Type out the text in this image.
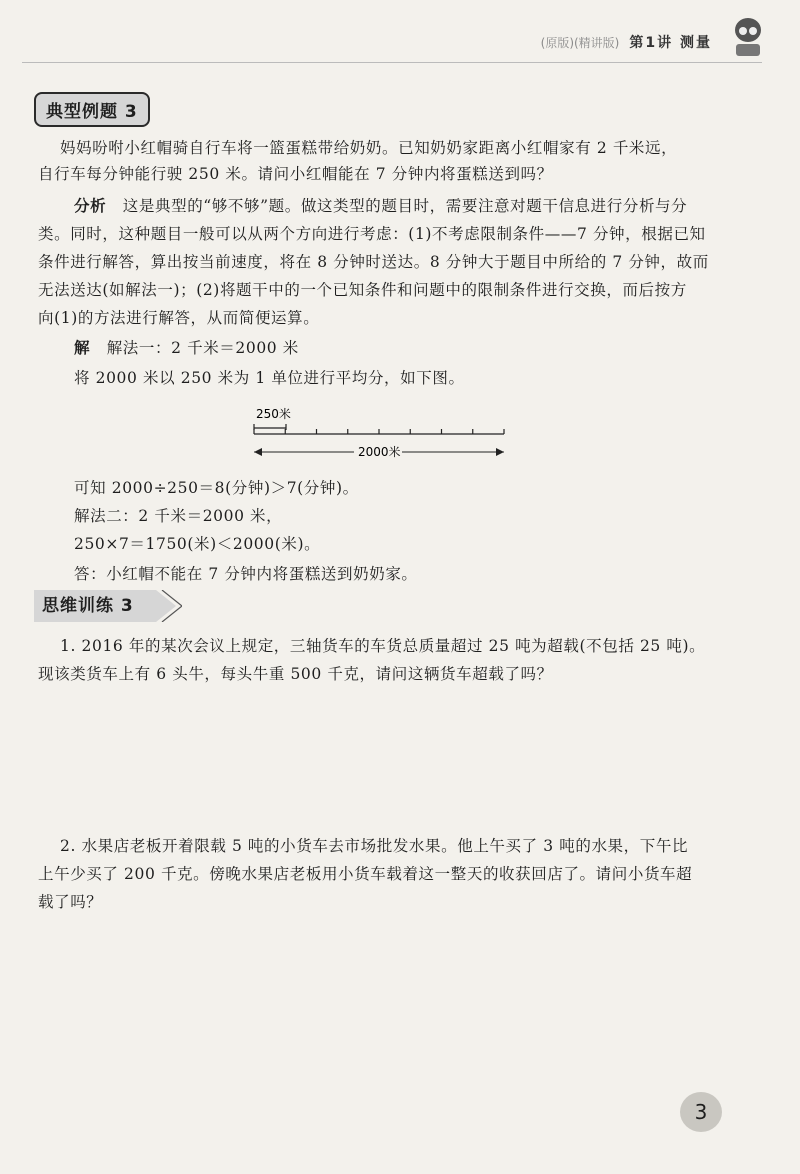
(原版)(精讲版) 第1讲 测量
典型例题 3

妈妈吩咐小红帽骑自行车将一篮蛋糕带给奶奶。已知奶奶家距离小红帽家有 2 千米远，

自行车每分钟能行驶 250 米。请问小红帽能在 7 分钟内将蛋糕送到吗？

分析 这是典型的“够不够”题。做这类型的题目时，需要注意对题干信息进行分析与分

类。同时，这种题目一般可以从两个方向进行考虑：(1)不考虑限制条件——7 分钟，根据已知

条件进行解答，算出按当前速度，将在 8 分钟时送达。8 分钟大于题目中所给的 7 分钟，故而

无法送达(如解法一)；(2)将题干中的一个已知条件和问题中的限制条件进行交换，而后按方

向(1)的方法进行解答，从而简便运算。

解 解法一：2 千米＝2000 米

将 2000 米以 250 米为 1 单位进行平均分，如下图。

250米
2000米

可知 2000÷250＝8(分钟)＞7(分钟)。

解法二：2 千米＝2000 米，

250×7＝1750(米)＜2000(米)。

答：小红帽不能在 7 分钟内将蛋糕送到奶奶家。

思维训练 3

1. 2016 年的某次会议上规定，三轴货车的车货总质量超过 25 吨为超载(不包括 25 吨)。

现该类货车上有 6 头牛，每头牛重 500 千克，请问这辆货车超载了吗？

2. 水果店老板开着限载 5 吨的小货车去市场批发水果。他上午买了 3 吨的水果，下午比

上午少买了 200 千克。傍晚水果店老板用小货车载着这一整天的收获回店了。请问小货车超

载了吗？

3
